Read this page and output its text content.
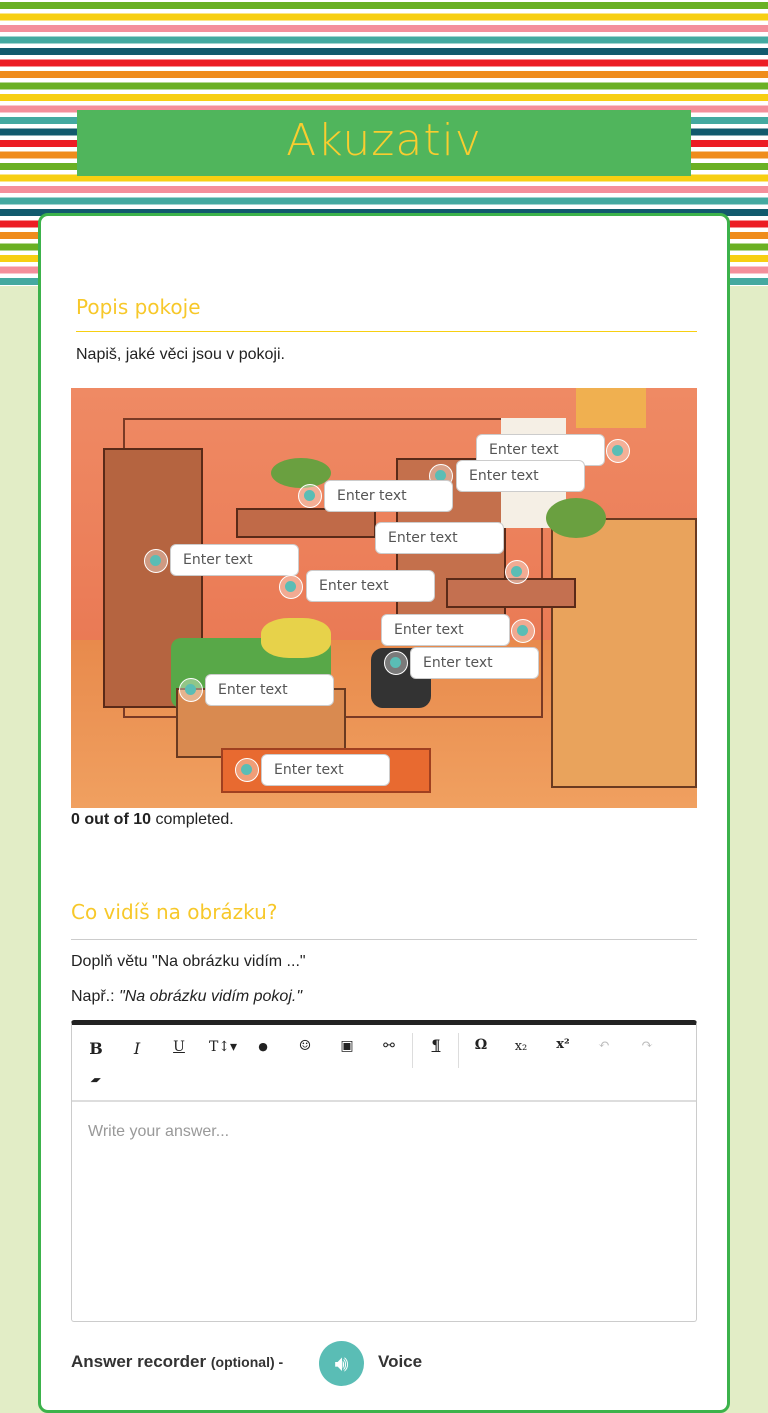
Akuzativ
Popis pokoje
Napiš, jaké věci jsou v pokoji.
Enter text
Enter text
Enter text
Enter text
Enter text
Enter text
Enter text
Enter text
Enter text
Enter text
0 out of 10 completed.
Co vidíš na obrázku?
Doplň větu "Na obrázku vidím ..."
Např.: "Na obrázku vidím pokoj."
B	I	U	T↕▾	●	☺	▣	⚯	¶	Ω	x₂	x²	↶	↷
▰
Write your answer...
Answer recorder (optional) -	🔊︎	Voice
